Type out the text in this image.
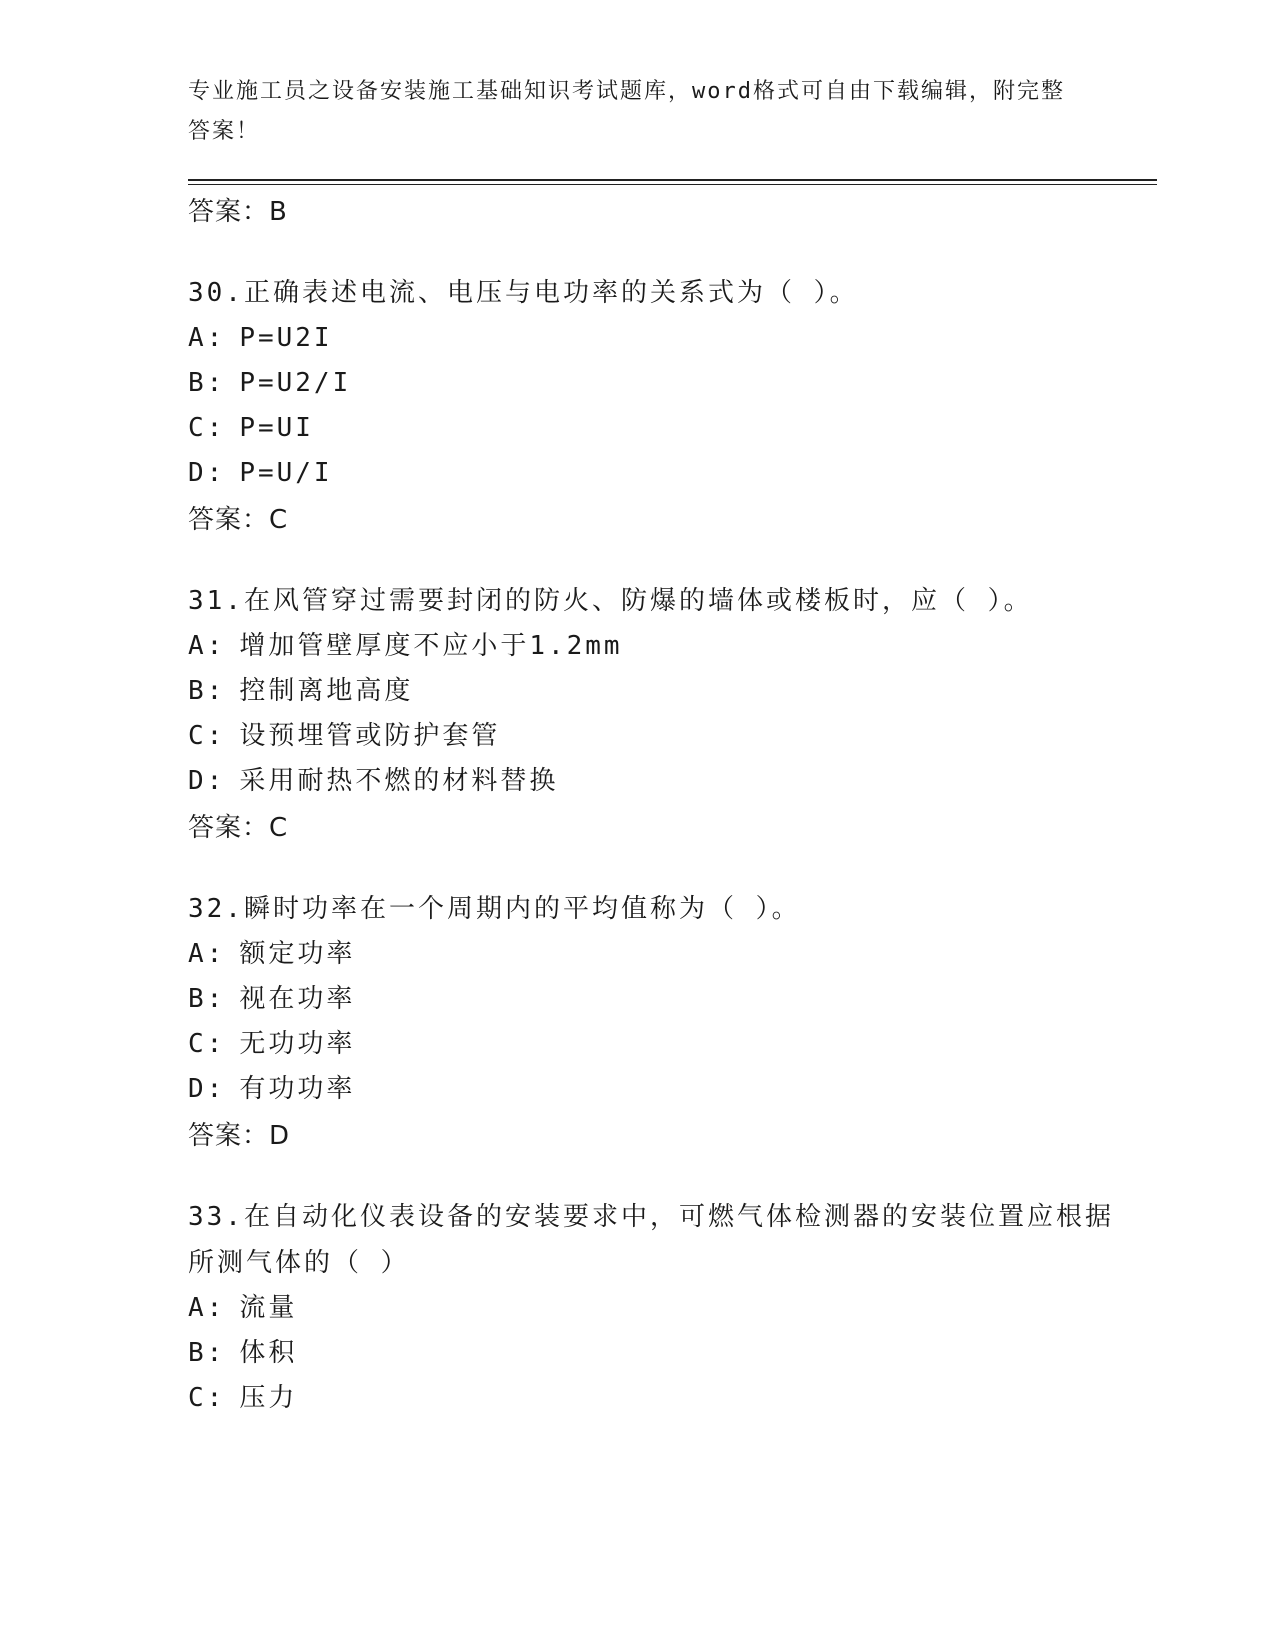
专业施工员之设备安装施工基础知识考试题库，word格式可自由下载编辑，附完整答案！
答案：B
30.正确表述电流、电压与电功率的关系式为（ ）。
A: P=U2I
B: P=U2/I
C: P=UI
D: P=U/I
答案：C
31.在风管穿过需要封闭的防火、防爆的墙体或楼板时，应（ ）。
A: 增加管壁厚度不应小于1.2mm
B: 控制离地高度
C: 设预埋管或防护套管
D: 采用耐热不燃的材料替换
答案：C
32.瞬时功率在一个周期内的平均值称为（ ）。
A: 额定功率
B: 视在功率
C: 无功功率
D: 有功功率
答案：D
33.在自动化仪表设备的安装要求中，可燃气体检测器的安装位置应根据所测气体的（ ）
A: 流量
B: 体积
C: 压力
